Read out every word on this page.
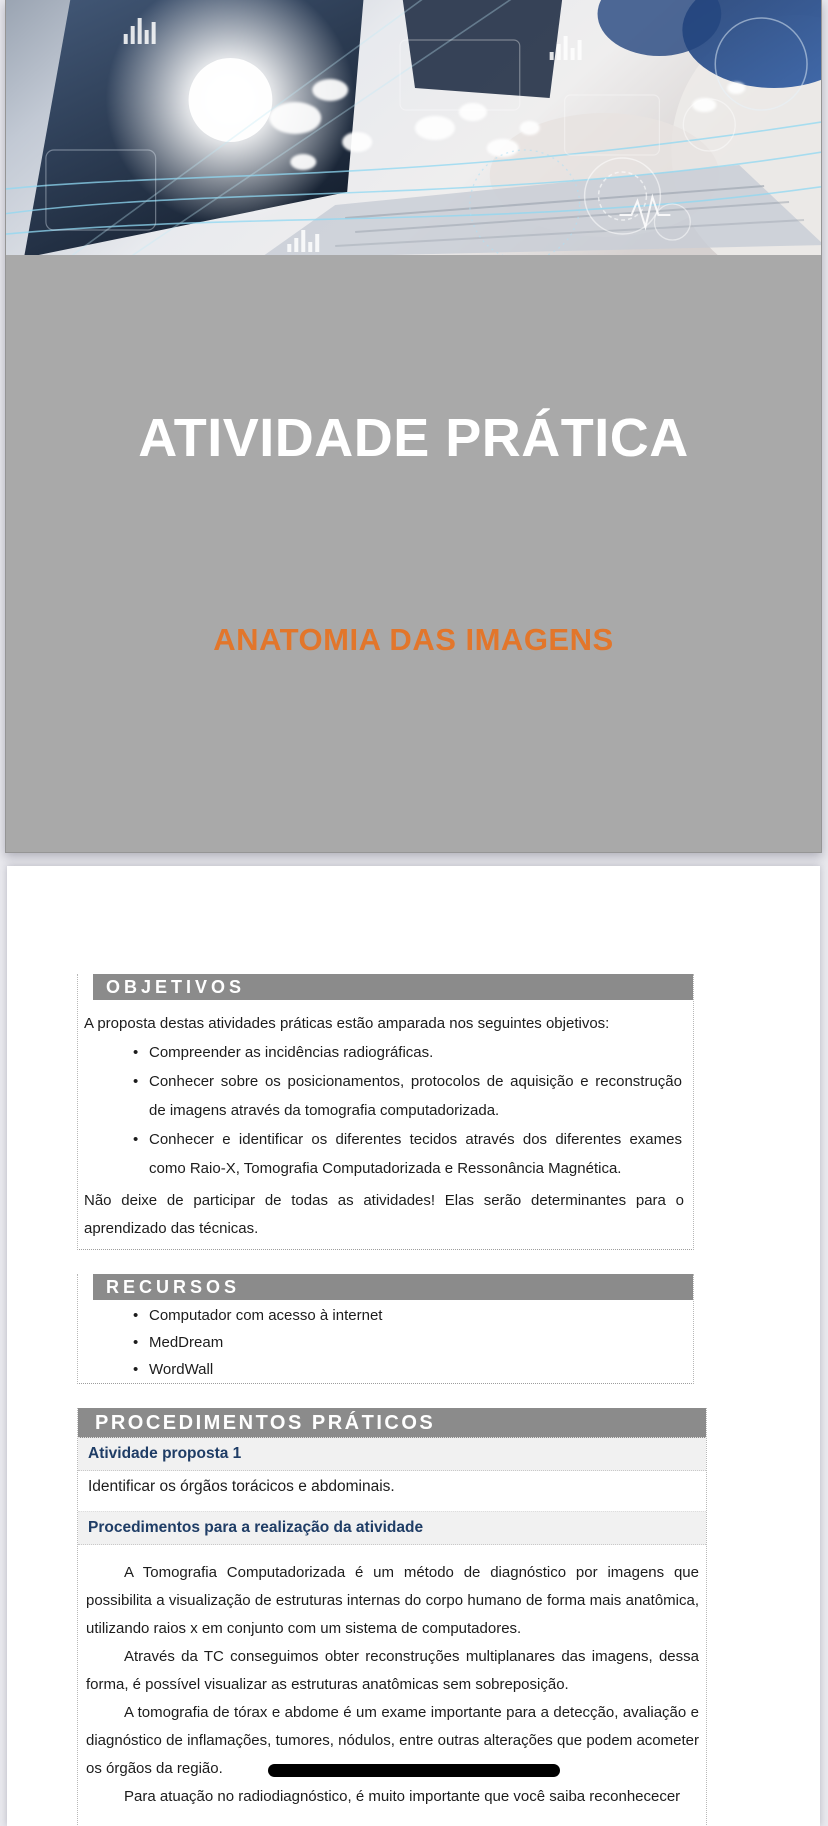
ATIVIDADE PRÁTICA
ANATOMIA DAS IMAGENS
OBJETIVOS

A proposta destas atividades práticas estão amparada nos seguintes objetivos:

• Compreender as incidências radiográficas.
• Conhecer sobre os posicionamentos, protocolos de aquisição e reconstrução de imagens através da tomografia computadorizada.
• Conhecer e identificar os diferentes tecidos através dos diferentes exames como Raio-X, Tomografia Computadorizada e Ressonância Magnética.

Não deixe de participar de todas as atividades! Elas serão determinantes para o aprendizado das técnicas.

RECURSOS
• Computador com acesso à internet
• MedDream
• WordWall
PROCEDIMENTOS PRÁTICOS
Atividade proposta 1
Identificar os órgãos torácicos e abdominais.
Procedimentos para a realização da atividade

A Tomografia Computadorizada é um método de diagnóstico por imagens que possibilita a visualização de estruturas internas do corpo humano de forma mais anatômica, utilizando raios x em conjunto com um sistema de computadores.

Através da TC conseguimos obter reconstruções multiplanares das imagens, dessa forma, é possível visualizar as estruturas anatômicas sem sobreposição.

A tomografia de tórax e abdome é um exame importante para a detecção, avaliação e diagnóstico de inflamações, tumores, nódulos, entre outras alterações que podem acometer os órgãos da região.

Para atuação no radiodiagnóstico, é muito importante que você saiba reconhececer
